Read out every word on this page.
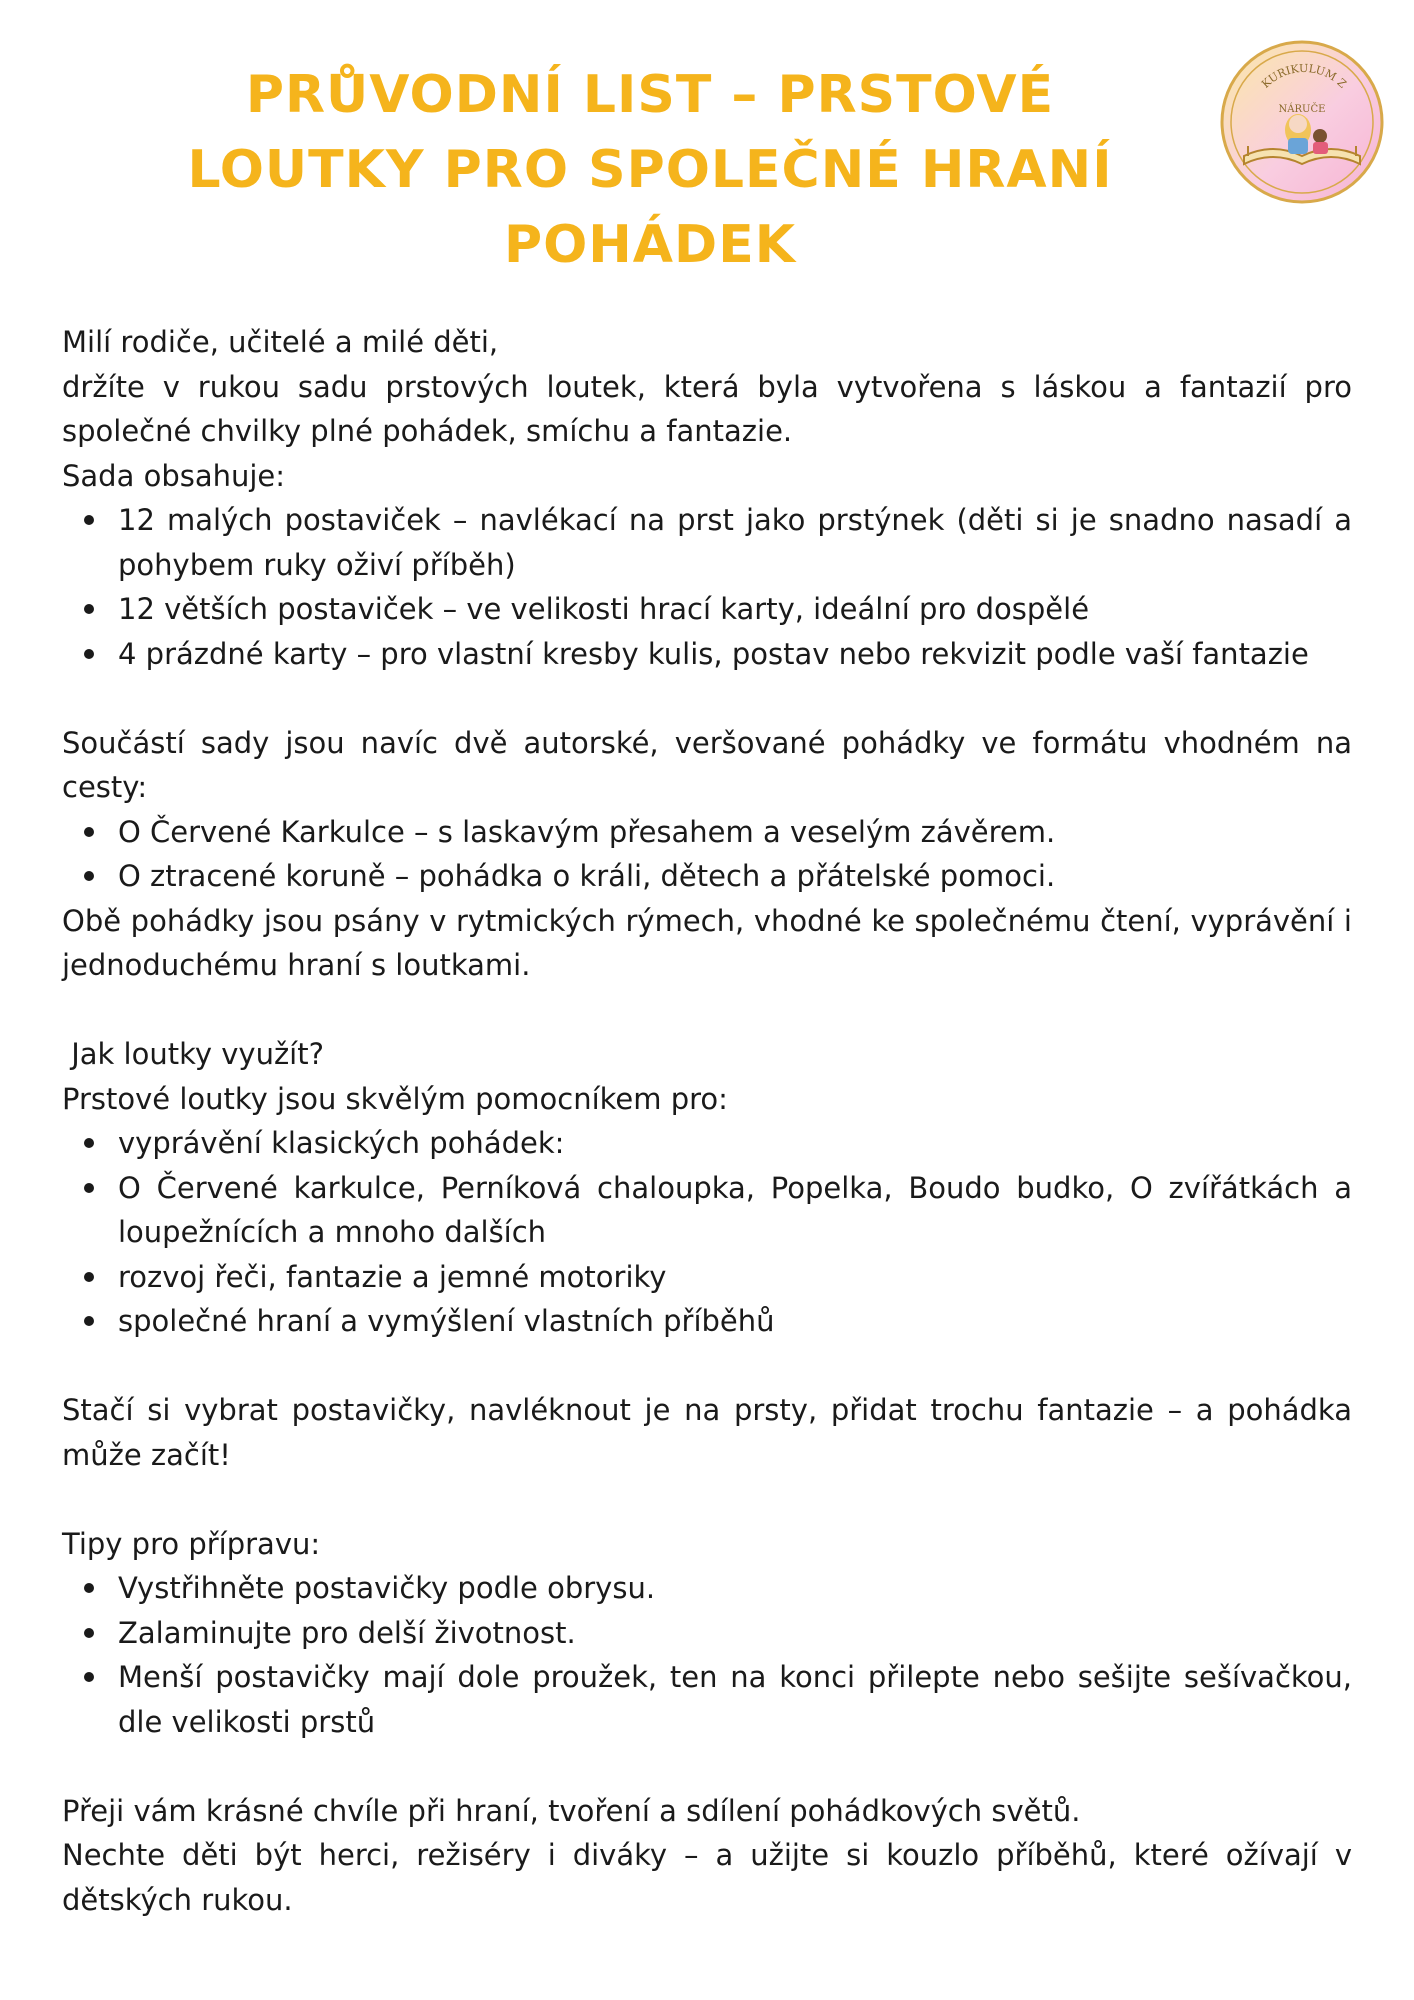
PRŮVODNÍ LIST – PRSTOVÉ LOUTKY PRO SPOLEČNÉ HRANÍ POHÁDEK
KURIKULUM Z
NÁRUČE

Milí rodiče, učitelé a milé děti,

držíte v rukou sadu prstových loutek, která byla vytvořena s láskou a fantazií pro společné chvilky plné pohádek, smíchu a fantazie.

Sada obsahuje:

12 malých postaviček – navlékací na prst jako prstýnek (děti si je snadno nasadí a pohybem ruky oživí příběh)
12 větších postaviček – ve velikosti hrací karty, ideální pro dospělé
4 prázdné karty – pro vlastní kresby kulis, postav nebo rekvizit podle vaší fantazie

Součástí sady jsou navíc dvě autorské, veršované pohádky ve formátu vhodném na cesty:

O Červené Karkulce – s laskavým přesahem a veselým závěrem.
O ztracené koruně – pohádka o králi, dětech a přátelské pomoci.

Obě pohádky jsou psány v rytmických rýmech, vhodné ke společnému čtení, vyprávění i jednoduchému hraní s loutkami.

Jak loutky využít?

Prstové loutky jsou skvělým pomocníkem pro:

vyprávění klasických pohádek:
O Červené karkulce, Perníková chaloupka, Popelka, Boudo budko, O zvířátkách a loupežnících a mnoho dalších
rozvoj řeči, fantazie a jemné motoriky
společné hraní a vymýšlení vlastních příběhů

Stačí si vybrat postavičky, navléknout je na prsty, přidat trochu fantazie – a pohádka může začít!

Tipy pro přípravu:

Vystřihněte postavičky podle obrysu.
Zalaminujte pro delší životnost.
Menší postavičky mají dole proužek, ten na konci přilepte nebo sešijte sešívačkou, dle velikosti prstů

Přeji vám krásné chvíle při hraní, tvoření a sdílení pohádkových světů.

Nechte děti být herci, režiséry i diváky – a užijte si kouzlo příběhů, které ožívají v dětských rukou.
